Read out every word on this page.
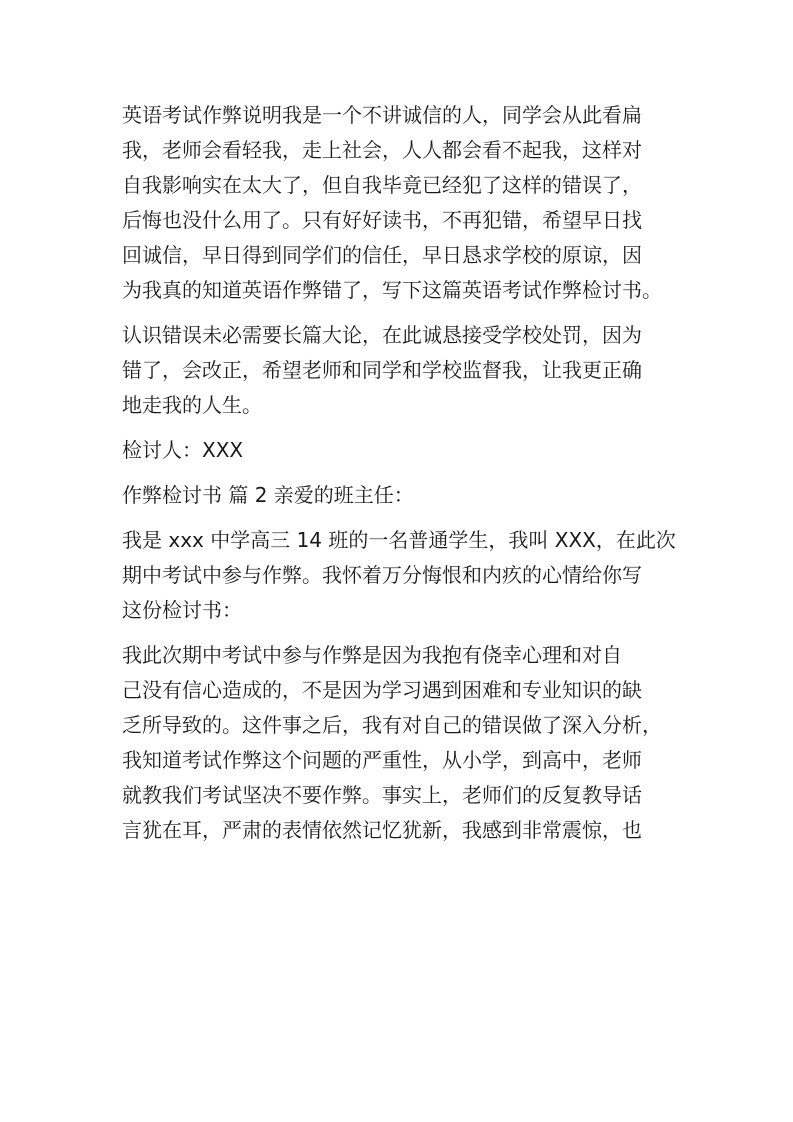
英语考试作弊说明我是一个不讲诚信的人，同学会从此看扁
我，老师会看轻我，走上社会，人人都会看不起我，这样对
自我影响实在太大了，但自我毕竟已经犯了这样的错误了，
后悔也没什么用了。只有好好读书，不再犯错，希望早日找
回诚信，早日得到同学们的信任，早日恳求学校的原谅，因
为我真的知道英语作弊错了，写下这篇英语考试作弊检讨书。
认识错误未必需要长篇大论，在此诚恳接受学校处罚，因为
错了，会改正，希望老师和同学和学校监督我，让我更正确
地走我的人生。
检讨人：XXX
作弊检讨书 篇 2 亲爱的班主任：
我是 xxx 中学高三 14 班的一名普通学生，我叫 XXX，在此次
期中考试中参与作弊。我怀着万分悔恨和内疚的心情给你写
这份检讨书：
我此次期中考试中参与作弊是因为我抱有侥幸心理和对自
己没有信心造成的，不是因为学习遇到困难和专业知识的缺
乏所导致的。这件事之后，我有对自己的错误做了深入分析，
我知道考试作弊这个问题的严重性，从小学，到高中，老师
就教我们考试坚决不要作弊。事实上，老师们的反复教导话
言犹在耳，严肃的表情依然记忆犹新，我感到非常震惊，也
